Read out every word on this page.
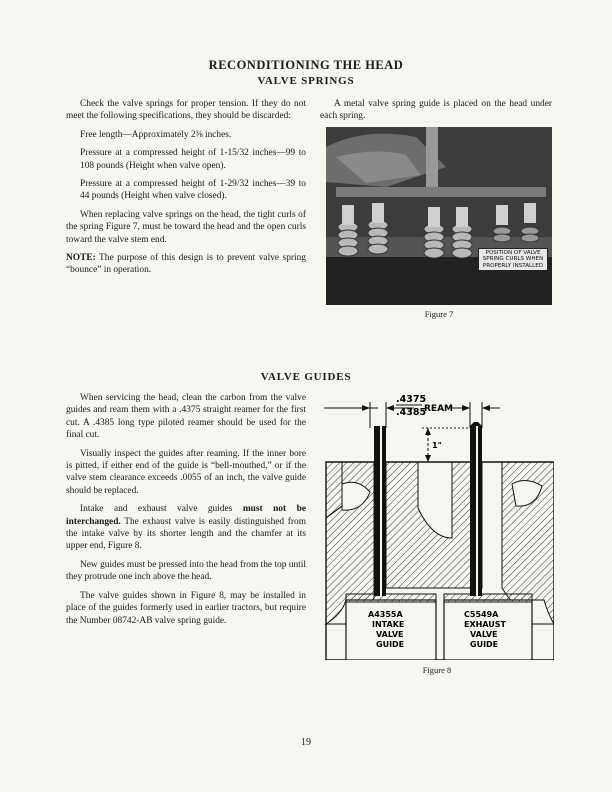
RECONDITIONING THE HEAD
VALVE SPRINGS

Check the valve springs for proper tension. If they do not meet the following specifications, they should be discarded:

Free length—Approximately 2⅜ inches.

Pressure at a compressed height of 1-15/32 inches—99 to 108 pounds (Height when valve open).

Pressure at a compressed height of 1-29/32 inches—39 to 44 pounds (Height when valve closed).

When replacing valve springs on the head, the tight curls of the spring Figure 7, must be toward the head and the open curls toward the valve stem end.

NOTE: The purpose of this design is to prevent valve spring “bounce” in operation.

A metal valve spring guide is placed on the head under each spring.

POSITION OF VALVE
SPRING CURLS WHEN
PROPERLY INSTALLED
Figure 7
VALVE GUIDES

When servicing the head, clean the carbon from the valve guides and ream them with a .4375 straight reamer for the first cut. A .4385 long type piloted reamer should be used for the final cut.

Visually inspect the guides after reaming. If the inner bore is pitted, if either end of the guide is “bell-mouthed,” or if the valve stem clearance exceeds .0055 of an inch, the valve guide should be replaced.

Intake and exhaust valve guides must not be interchanged. The exhaust valve is easily distinguished from the intake valve by its shorter length and the chamfer at its upper end, Figure 8.

New guides must be pressed into the head from the top until they protrude one inch above the head.

The valve guides shown in Figure 8, may be installed in place of the guides formerly used in earlier tractors, but require the Number 08742-AB valve spring guide.

.4375
.4385
REAM
1"
A4355A
INTAKE
VALVE
GUIDE
C5549A
EXHAUST
VALVE
GUIDE
Figure 8
19
